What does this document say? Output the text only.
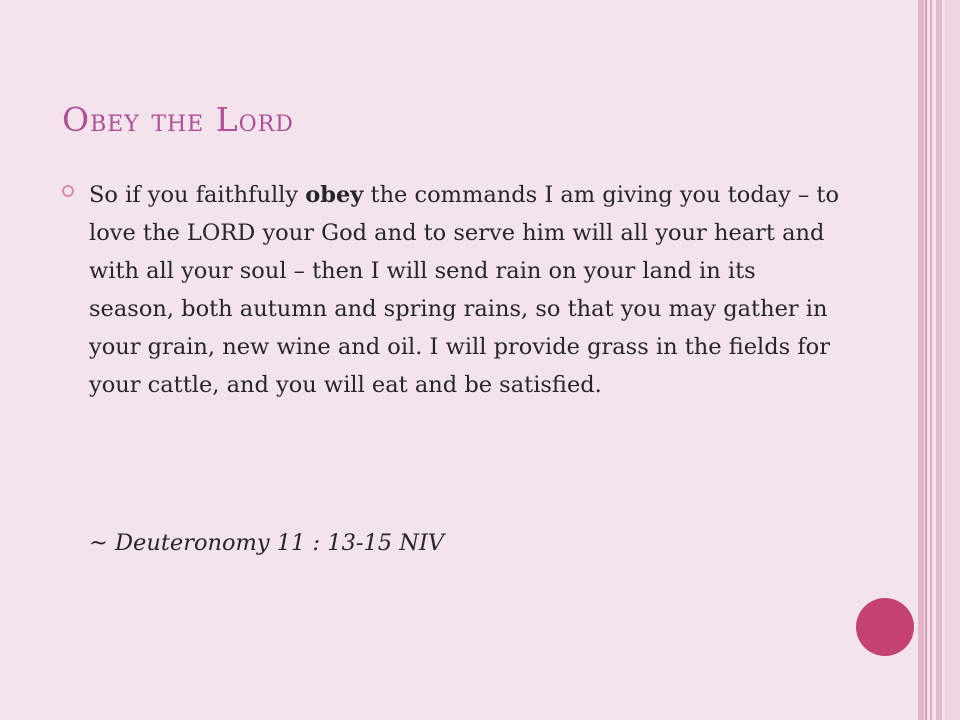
OBEY THE LORD

So if you faithfully obey the commands I am giving you today – to love the LORD your God and to serve him will all your heart and with all your soul – then I will send rain on your land in its season, both autumn and spring rains, so that you may gather in your grain, new wine and oil. I will provide grass in the fields for your cattle, and you will eat and be satisfied.

~ Deuteronomy 11 : 13-15 NIV
